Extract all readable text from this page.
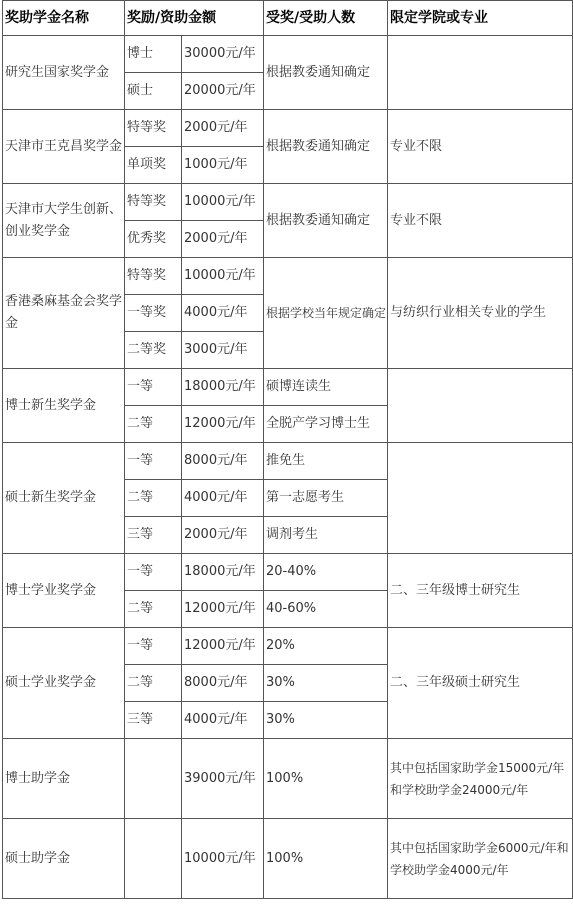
奖助学金名称	奖励/资助金额		受奖/受助人数	限定学院或专业
研究生国家奖学金	博士	30000元/年	根据教委通知确定	
	硕士	20000元/年		
天津市王克昌奖学金	特等奖	2000元/年	根据教委通知确定	专业不限
	单项奖	1000元/年		
天津市大学生创新、创业奖学金	特等奖	10000元/年	根据教委通知确定	专业不限
	优秀奖	2000元/年		
香港桑麻基金会奖学金	特等奖	10000元/年	根据学校当年规定确定	与纺织行业相关专业的学生
	一等奖	4000元/年		
	二等奖	3000元/年		
博士新生奖学金	一等	18000元/年	硕博连读生	
	二等	12000元/年	全脱产学习博士生	
硕士新生奖学金	一等	8000元/年	推免生	
	二等	4000元/年	第一志愿考生	
	三等	2000元/年	调剂考生	
博士学业奖学金	一等	18000元/年	20-40%	二、三年级博士研究生
	二等	12000元/年	40-60%	
硕士学业奖学金	一等	12000元/年	20%	二、三年级硕士研究生
	二等	8000元/年	30%	
	三等	4000元/年	30%	
博士助学金		39000元/年	100%	其中包括国家助学金15000元/年和学校助学金24000元/年
硕士助学金		10000元/年	100%	其中包括国家助学金6000元/年和学校助学金4000元/年
